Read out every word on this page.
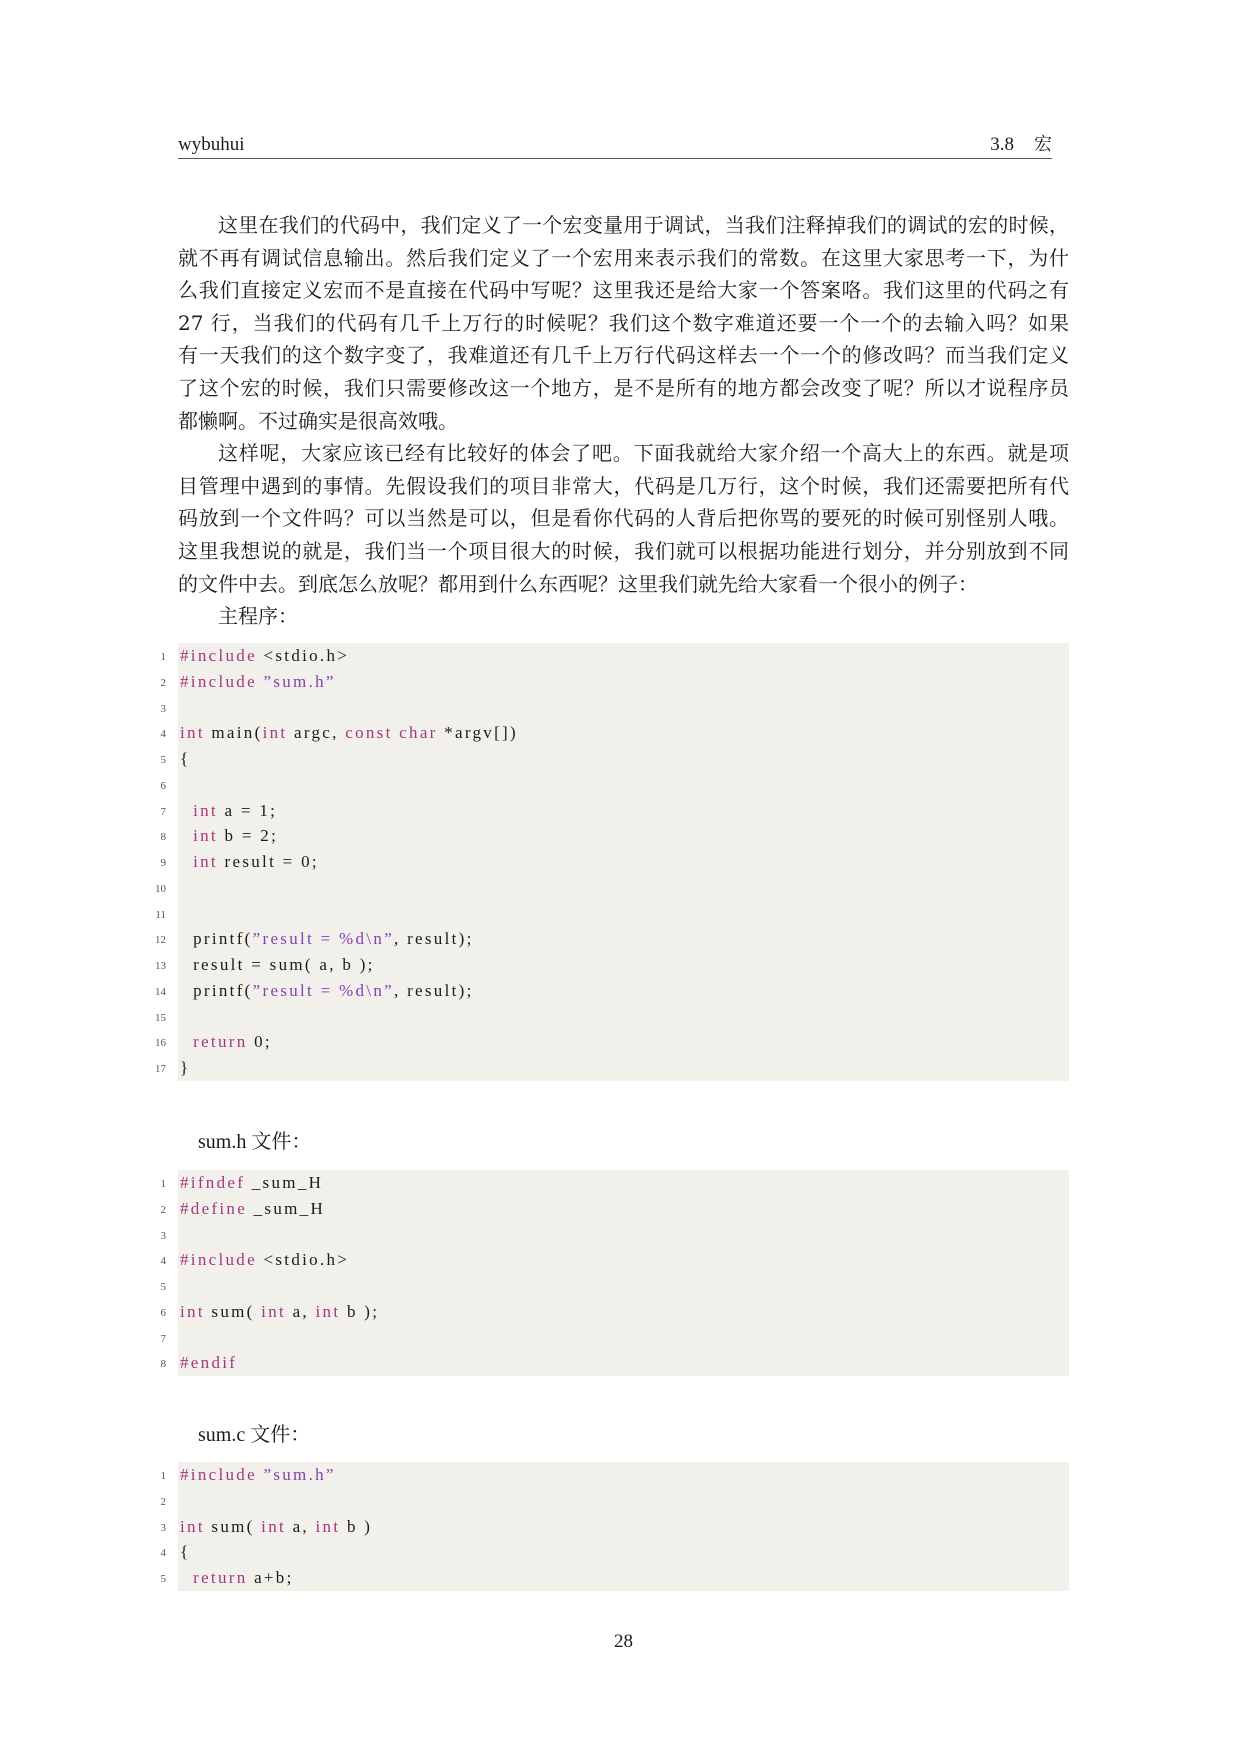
wybuhui	3.8 宏
这里在我们的代码中，我们定义了一个宏变量用于调试，当我们注释掉我们的调试的宏的时候，
就不再有调试信息输出。然后我们定义了一个宏用来表示我们的常数。在这里大家思考一下，为什
么我们直接定义宏而不是直接在代码中写呢？这里我还是给大家一个答案咯。我们这里的代码之有
27 行，当我们的代码有几千上万行的时候呢？我们这个数字难道还要一个一个的去输入吗？如果
有一天我们的这个数字变了，我难道还有几千上万行代码这样去一个一个的修改吗？而当我们定义
了这个宏的时候，我们只需要修改这一个地方，是不是所有的地方都会改变了呢？所以才说程序员
都懒啊。不过确实是很高效哦。
这样呢，大家应该已经有比较好的体会了吧。下面我就给大家介绍一个高大上的东西。就是项
目管理中遇到的事情。先假设我们的项目非常大，代码是几万行，这个时候，我们还需要把所有代
码放到一个文件吗？可以当然是可以，但是看你代码的人背后把你骂的要死的时候可别怪别人哦。
这里我想说的就是，我们当一个项目很大的时候，我们就可以根据功能进行划分，并分别放到不同
的文件中去。到底怎么放呢？都用到什么东西呢？这里我们就先给大家看一个很小的例子：
主程序：
1 #include <stdio.h>
2 #include ”sum.h”
3
4 int main(int argc, const char *argv[])
5 {
6
7	int a = 1;
8	int b = 2;
9	int result = 0;
10
11
12 printf(”result = %d\n”, result);
13 result = sum( a, b );
14 printf(”result = %d\n”, result);
15
16	return 0;
17 }
sum.h 文件：
1 #ifndef _sum_H
2 #define _sum_H
3
4 #include <stdio.h>
5
6 int sum( int a, int b );
7
8 #endif
sum.c 文件：
1 #include ”sum.h”
2
3 int sum( int a, int b )
4 {
5	return a+b;
28
